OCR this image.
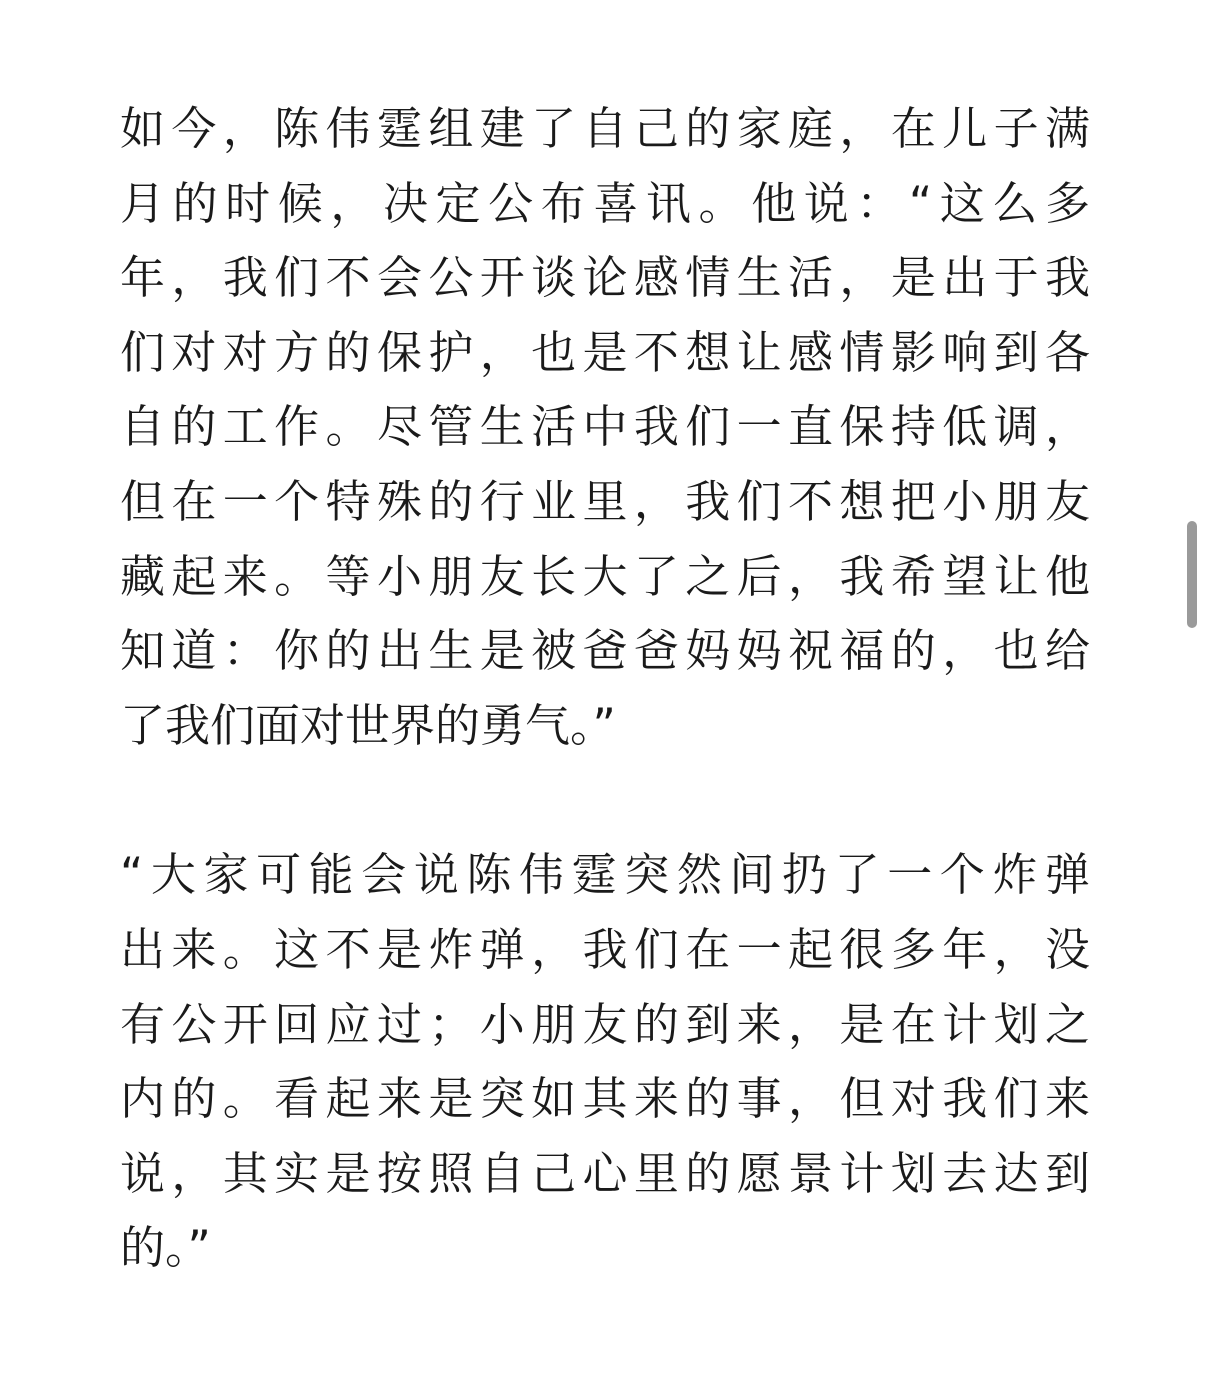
如今，陈伟霆组建了自己的家庭，在儿子满
月的时候，决定公布喜讯。他说：“这么多
年，我们不会公开谈论感情生活，是出于我
们对对方的保护，也是不想让感情影响到各
自的工作。尽管生活中我们一直保持低调，
但在一个特殊的行业里，我们不想把小朋友
藏起来。等小朋友长大了之后，我希望让他
知道：你的出生是被爸爸妈妈祝福的，也给
了我们面对世界的勇气。”
“大家可能会说陈伟霆突然间扔了一个炸弹
出来。这不是炸弹，我们在一起很多年，没
有公开回应过；小朋友的到来，是在计划之
内的。看起来是突如其来的事，但对我们来
说，其实是按照自己心里的愿景计划去达到
的。”
